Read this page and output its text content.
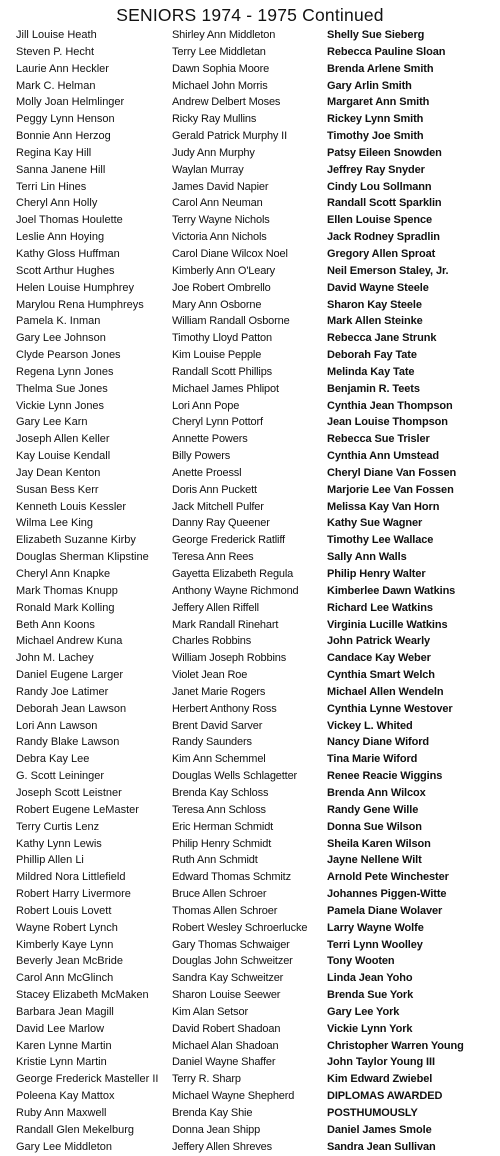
SENIORS 1974 - 1975 Continued
Jill Louise Heath
Steven P. Hecht
Laurie Ann Heckler
Mark C. Helman
Molly Joan Helmlinger
Peggy Lynn Henson
Bonnie Ann Herzog
Regina Kay Hill
Sanna Janene Hill
Terri Lin Hines
Cheryl Ann Holly
Joel Thomas Houlette
Leslie Ann Hoying
Kathy Gloss Huffman
Scott Arthur Hughes
Helen Louise Humphrey
Marylou Rena Humphreys
Pamela K. Inman
Gary Lee Johnson
Clyde Pearson Jones
Regena Lynn Jones
Thelma Sue Jones
Vickie Lynn Jones
Gary Lee Karn
Joseph Allen Keller
Kay Louise Kendall
Jay Dean Kenton
Susan Bess Kerr
Kenneth Louis Kessler
Wilma Lee King
Elizabeth Suzanne Kirby
Douglas Sherman Klipstine
Cheryl Ann Knapke
Mark Thomas Knupp
Ronald Mark Kolling
Beth Ann Koons
Michael Andrew Kuna
John M. Lachey
Daniel Eugene Larger
Randy Joe Latimer
Deborah Jean Lawson
Lori Ann Lawson
Randy Blake Lawson
Debra Kay Lee
G. Scott Leininger
Joseph Scott Leistner
Robert Eugene LeMaster
Terry Curtis Lenz
Kathy Lynn Lewis
Phillip Allen Li
Mildred Nora Littlefield
Robert Harry Livermore
Robert Louis Lovett
Wayne Robert Lynch
Kimberly Kaye Lynn
Beverly Jean McBride
Carol Ann McGlinch
Stacey Elizabeth McMaken
Barbara Jean Magill
David Lee Marlow
Karen Lynne Martin
Kristie Lynn Martin
George Frederick Masteller II
Poleena Kay Mattox
Ruby Ann Maxwell
Randall Glen Mekelburg
Gary Lee Middleton
Shirley Ann Middleton
Terry Lee Middletan
Dawn Sophia Moore
Michael John Morris
Andrew Delbert Moses
Ricky Ray Mullins
Gerald Patrick Murphy II
Judy Ann Murphy
Waylan Murray
James David Napier
Carol Ann Neuman
Terry Wayne Nichols
Victoria Ann Nichols
Carol Diane Wilcox Noel
Kimberly Ann O'Leary
Joe Robert Ombrello
Mary Ann Osborne
William Randall Osborne
Timothy Lloyd Patton
Kim Louise Pepple
Randall Scott Phillips
Michael James Phlipot
Lori Ann Pope
Cheryl Lynn Pottorf
Annette Powers
Billy Powers
Anette Proessl
Doris Ann Puckett
Jack Mitchell Pulfer
Danny Ray Queener
George Frederick Ratliff
Teresa Ann Rees
Gayetta Elizabeth Regula
Anthony Wayne Richmond
Jeffery Allen Riffell
Mark Randall Rinehart
Charles Robbins
William Joseph Robbins
Violet Jean Roe
Janet Marie Rogers
Herbert Anthony Ross
Brent David Sarver
Randy Saunders
Kim Ann Schemmel
Douglas Wells Schlagetter
Brenda Kay Schloss
Teresa Ann Schloss
Eric Herman Schmidt
Philip Henry Schmidt
Ruth Ann Schmidt
Edward Thomas Schmitz
Bruce Allen Schroer
Thomas Allen Schroer
Robert Wesley Schroerlucke
Gary Thomas Schwaiger
Douglas John Schweitzer
Sandra Kay Schweitzer
Sharon Louise Seewer
Kim Alan Setsor
David Robert Shadoan
Michael Alan Shadoan
Daniel Wayne Shaffer
Terry R. Sharp
Michael Wayne Shepherd
Brenda Kay Shie
Donna Jean Shipp
Jeffery Allen Shreves
Shelly Sue Sieberg
Rebecca Pauline Sloan
Brenda Arlene Smith
Gary Arlin Smith
Margaret Ann Smith
Rickey Lynn Smith
Timothy Joe Smith
Patsy Eileen Snowden
Jeffrey Ray Snyder
Cindy Lou Sollmann
Randall Scott Sparklin
Ellen Louise Spence
Jack Rodney Spradlin
Gregory Allen Sproat
Neil Emerson Staley, Jr.
David Wayne Steele
Sharon Kay Steele
Mark Allen Steinke
Rebecca Jane Strunk
Deborah Fay Tate
Melinda Kay Tate
Benjamin R. Teets
Cynthia Jean Thompson
Jean Louise Thompson
Rebecca Sue Trisler
Cynthia Ann Umstead
Cheryl Diane Van Fossen
Marjorie Lee Van Fossen
Melissa Kay Van Horn
Kathy Sue Wagner
Timothy Lee Wallace
Sally Ann Walls
Philip Henry Walter
Kimberlee Dawn Watkins
Richard Lee Watkins
Virginia Lucille Watkins
John Patrick Wearly
Candace Kay Weber
Cynthia Smart Welch
Michael Allen Wendeln
Cynthia Lynne Westover
Vickey L. Whited
Nancy Diane Wiford
Tina Marie Wiford
Renee Reacie Wiggins
Brenda Ann Wilcox
Randy Gene Wille
Donna Sue Wilson
Sheila Karen Wilson
Jayne Nellene Wilt
Arnold Pete Winchester
Johannes Piggen-Witte
Pamela Diane Wolaver
Larry Wayne Wolfe
Terri Lynn Woolley
Tony Wooten
Linda Jean Yoho
Brenda Sue York
Gary Lee York
Vickie Lynn York
Christopher Warren Young
John Taylor Young III
Kim Edward Zwiebel
DIPLOMAS AWARDED
POSTHUMOUSLY
Daniel James Smole
Sandra Jean Sullivan
